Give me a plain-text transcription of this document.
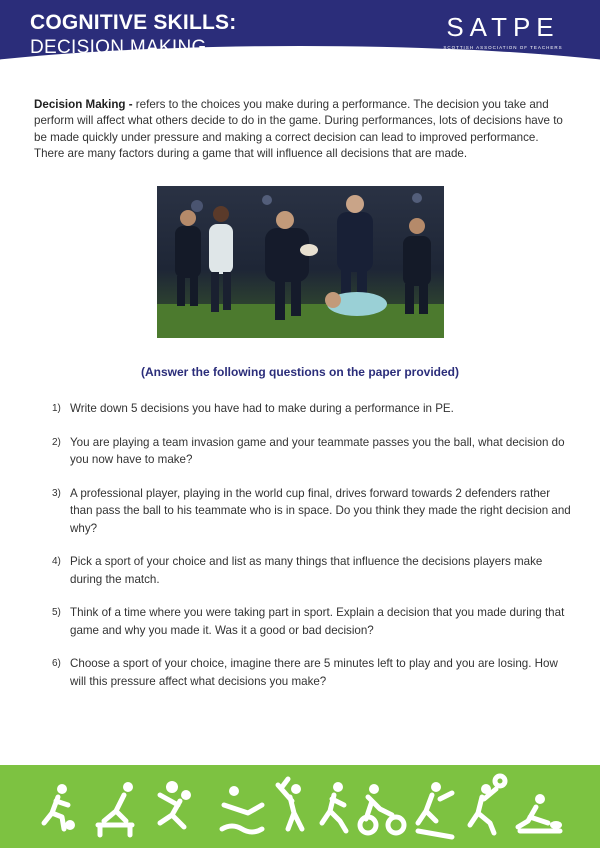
COGNITIVE SKILLS:
DECISION MAKING
SATPE
SCOTTISH ASSOCIATION OF TEACHERS
OF PHYSICAL EDUCATION
Decision Making - refers to the choices you make during a performance. The decision you take and perform will affect what others decide to do in the game. During performances, lots of decisions have to be made quickly under pressure and making a correct decision can lead to improved performance. There are many factors during a game that will influence all decisions that are made.
(Answer the following questions on the paper provided)
1) Write down 5 decisions you have had to make during a performance in PE.
2) You are playing a team invasion game and your teammate passes you the ball, what decision do you now have to make?
3) A professional player, playing in the world cup final, drives forward towards 2 defenders rather than pass the ball to his teammate who is in space. Do you think they made the right decision and why?
4) Pick a sport of your choice and list as many things that influence the decisions players make during the match.
5) Think of a time where you were taking part in sport. Explain a decision that you made during that game and why you made it. Was it a good or bad decision?
6) Choose a sport of your choice, imagine there are 5 minutes left to play and you are losing. How will this pressure affect what decisions you make?
